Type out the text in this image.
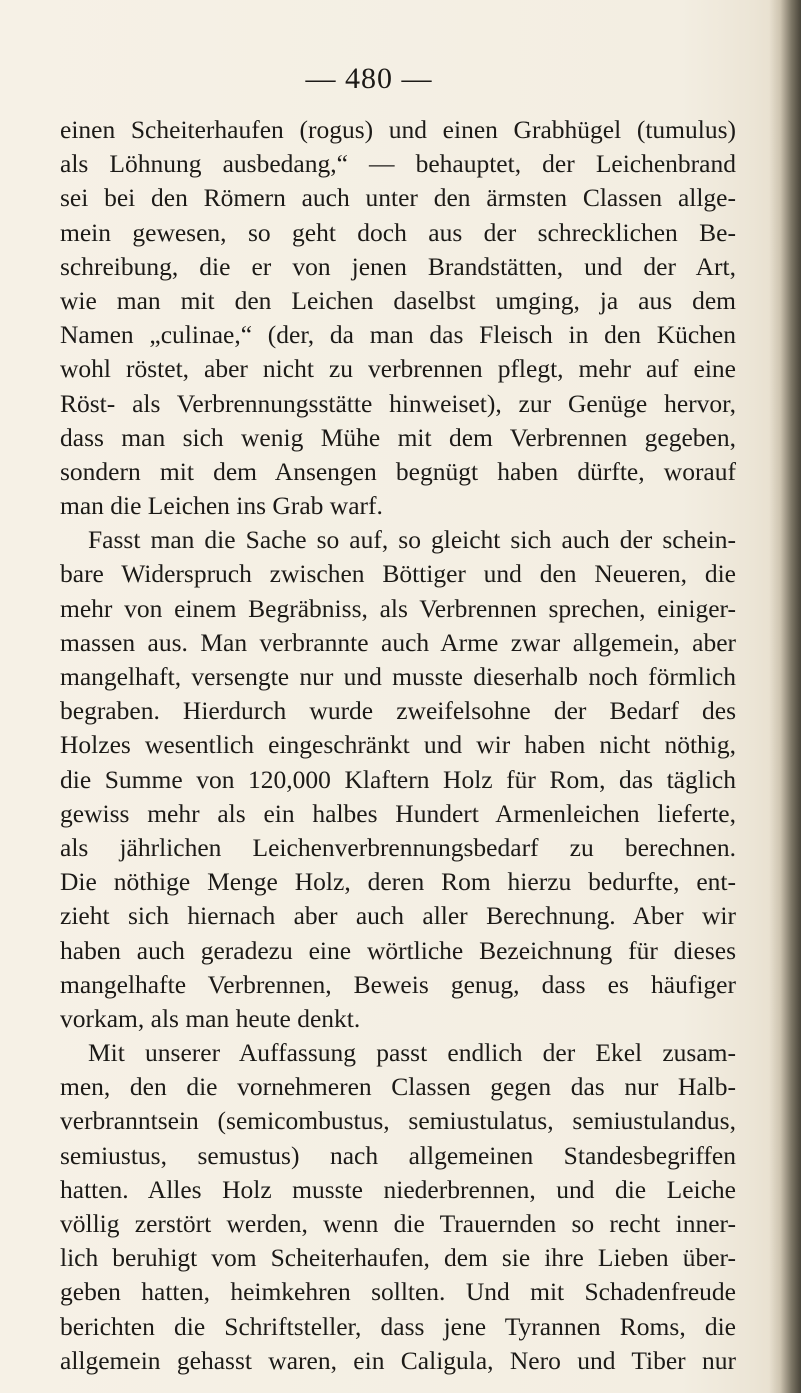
— 480 —
einen Scheiterhaufen (rogus) und einen Grabhügel (tumulus)
als Löhnung ausbedang,“ — behauptet, der Leichenbrand
sei bei den Römern auch unter den ärmsten Classen allge-
mein gewesen, so geht doch aus der schrecklichen Be-
schreibung, die er von jenen Brandstätten, und der Art,
wie man mit den Leichen daselbst umging, ja aus dem
Namen „culinae,“ (der, da man das Fleisch in den Küchen
wohl röstet, aber nicht zu verbrennen pflegt, mehr auf eine
Röst- als Verbrennungsstätte hinweiset), zur Genüge hervor,
dass man sich wenig Mühe mit dem Verbrennen gegeben,
sondern mit dem Ansengen begnügt haben dürfte, worauf
man die Leichen ins Grab warf.
Fasst man die Sache so auf, so gleicht sich auch der schein-
bare Widerspruch zwischen Böttiger und den Neueren, die
mehr von einem Begräbniss, als Verbrennen sprechen, einiger-
massen aus. Man verbrannte auch Arme zwar allgemein, aber
mangelhaft, versengte nur und musste dieserhalb noch förmlich
begraben. Hierdurch wurde zweifelsohne der Bedarf des
Holzes wesentlich eingeschränkt und wir haben nicht nöthig,
die Summe von 120,000 Klaftern Holz für Rom, das täglich
gewiss mehr als ein halbes Hundert Armenleichen lieferte,
als jährlichen Leichenverbrennungsbedarf zu berechnen.
Die nöthige Menge Holz, deren Rom hierzu bedurfte, ent-
zieht sich hiernach aber auch aller Berechnung. Aber wir
haben auch geradezu eine wörtliche Bezeichnung für dieses
mangelhafte Verbrennen, Beweis genug, dass es häufiger
vorkam, als man heute denkt.
Mit unserer Auffassung passt endlich der Ekel zusam-
men, den die vornehmeren Classen gegen das nur Halb-
verbranntsein (semicombustus, semiustulatus, semiustulandus,
semiustus, semustus) nach allgemeinen Standesbegriffen
hatten. Alles Holz musste niederbrennen, und die Leiche
völlig zerstört werden, wenn die Trauernden so recht inner-
lich beruhigt vom Scheiterhaufen, dem sie ihre Lieben über-
geben hatten, heimkehren sollten. Und mit Schadenfreude
berichten die Schriftsteller, dass jene Tyrannen Roms, die
allgemein gehasst waren, ein Caligula, Nero und Tiber nur
